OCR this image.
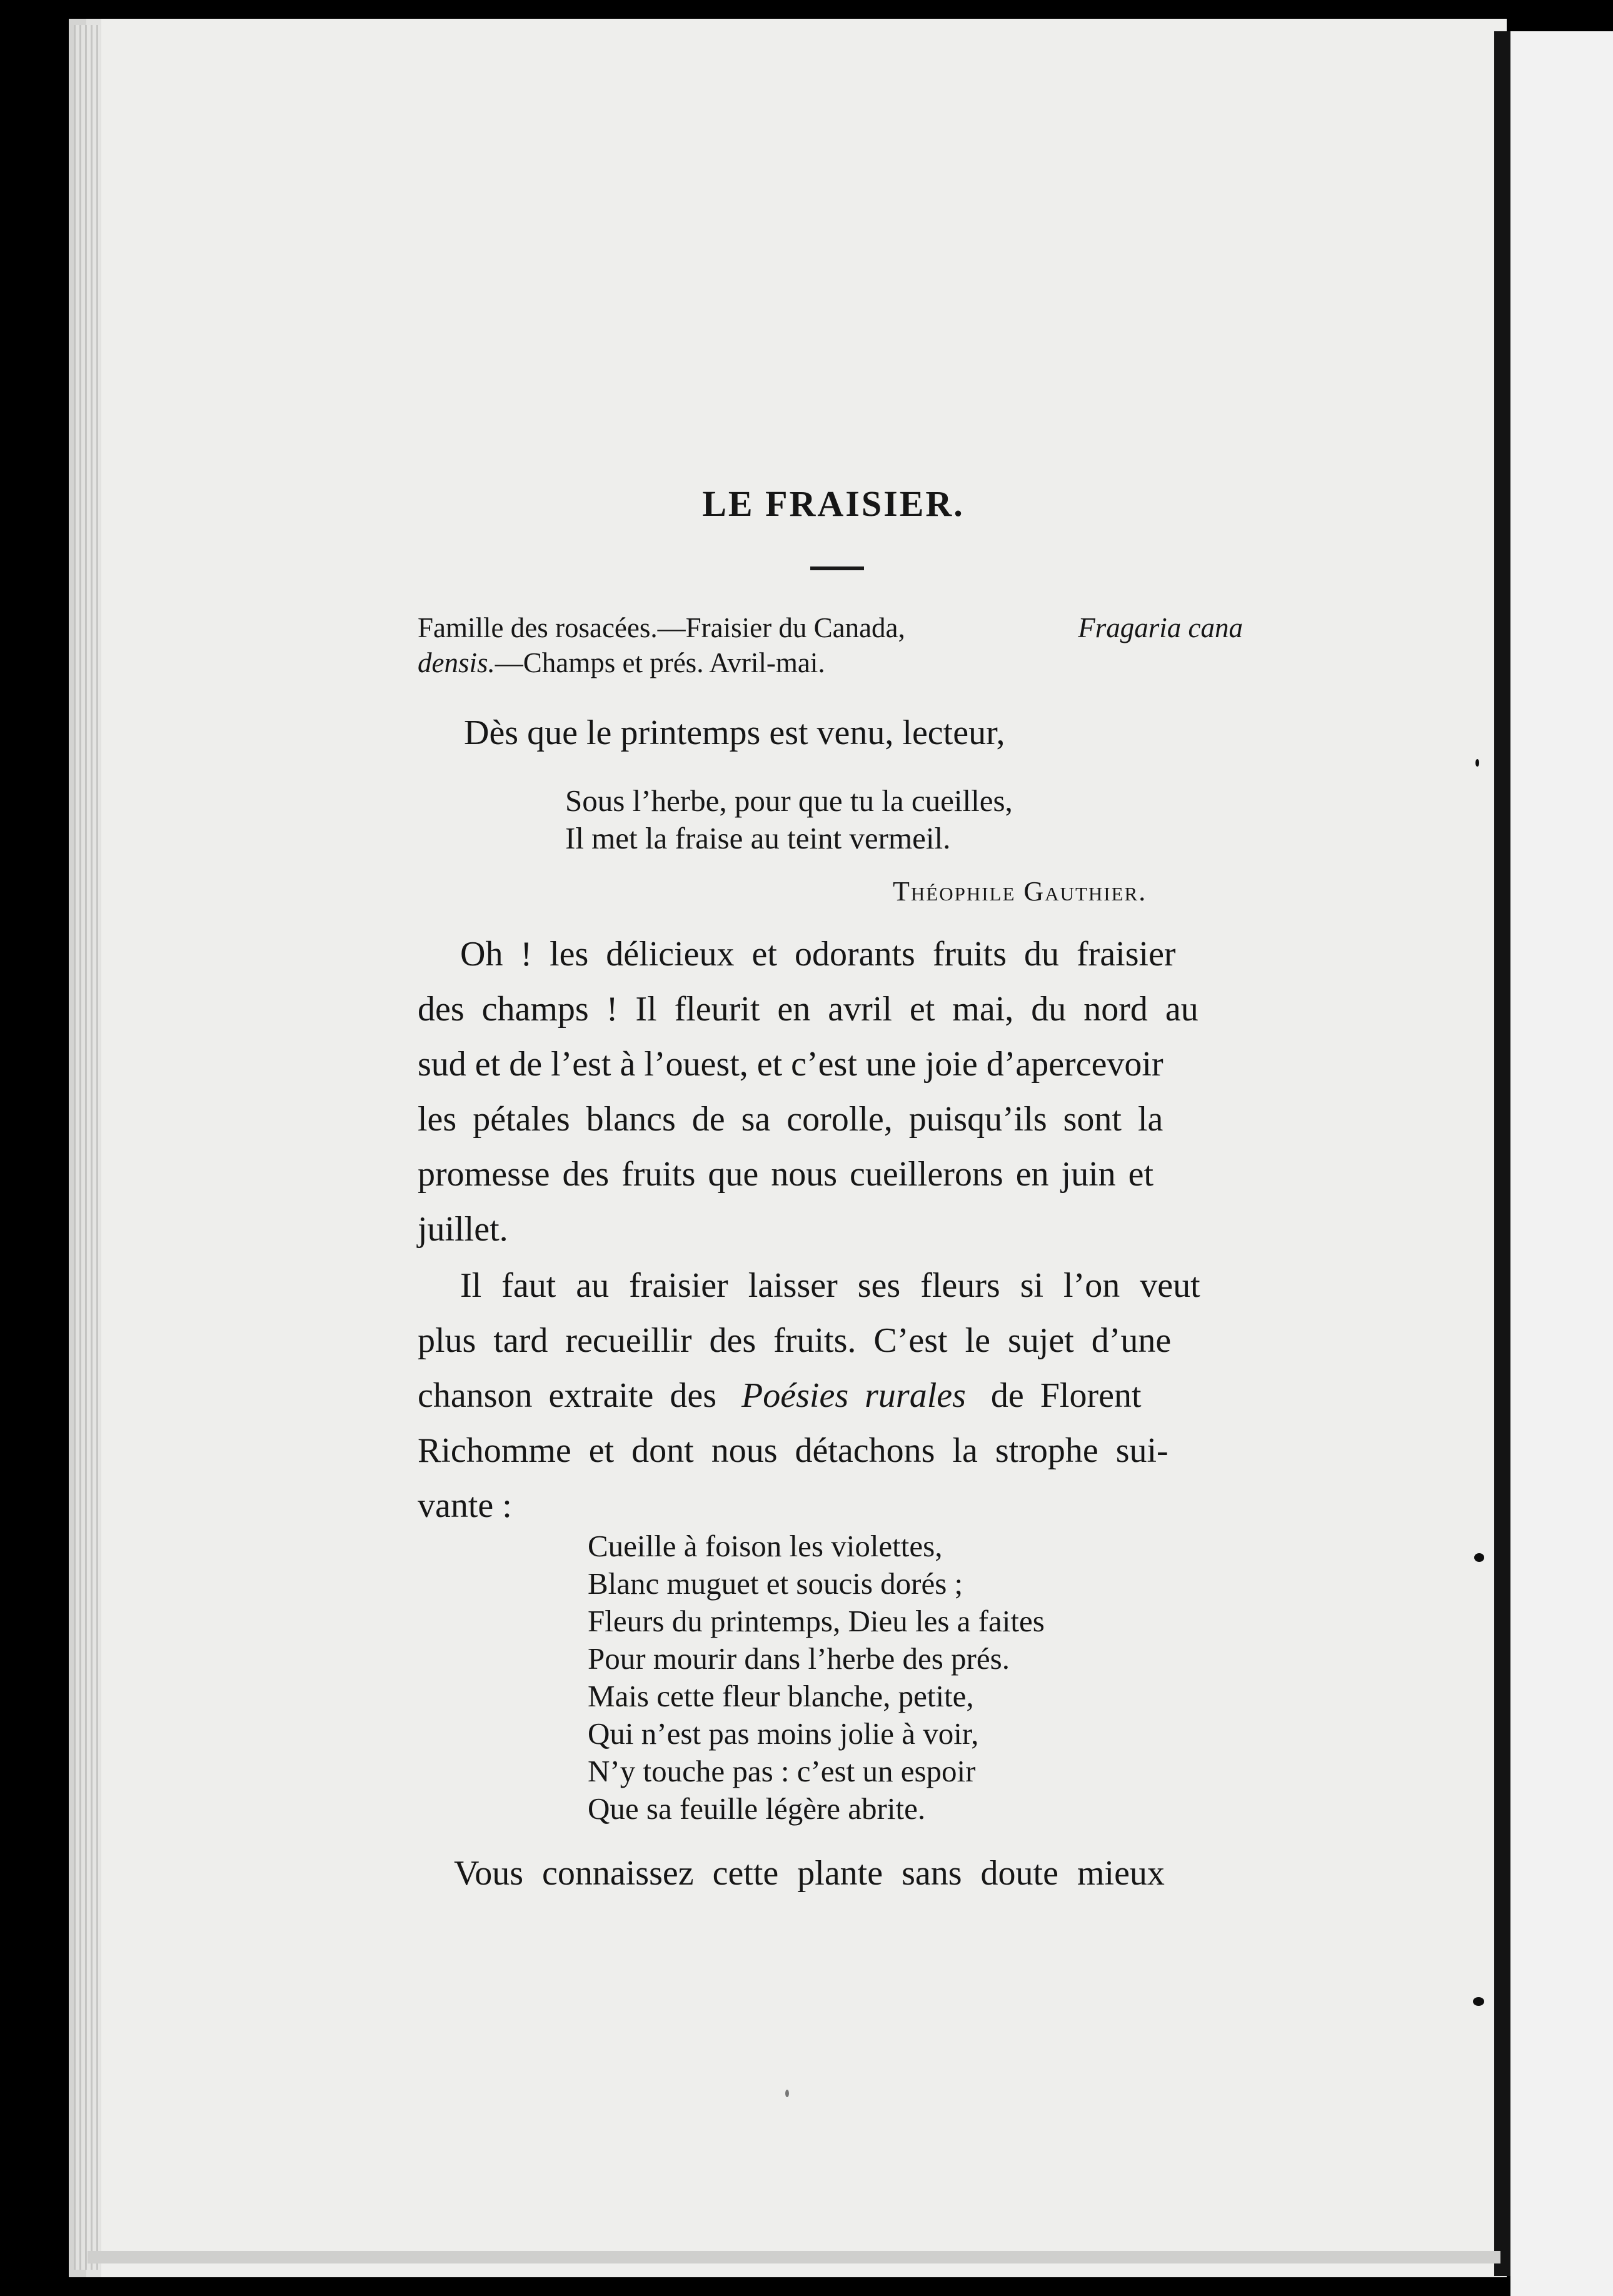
LE FRAISIER.
Famille des rosacées.—Fraisier du Canada,	Fragaria cana
densis.—Champs et prés. Avril-mai.
Dès que le printemps est venu, lecteur,
Sous l’herbe, pour que tu la cueilles,
Il met la fraise au teint vermeil.
Théophile Gauthier.
Oh ! les délicieux et odorants fruits du fraisier
des champs ! Il fleurit en avril et mai, du nord au
sud et de l’est à l’ouest, et c’est une joie d’apercevoir
les pétales blancs de sa corolle, puisqu’ils sont la
promesse des fruits que nous cueillerons en juin et
juillet.
Il faut au fraisier laisser ses fleurs si l’on veut
plus tard recueillir des fruits. C’est le sujet d’une
chanson extraite des Poésies rurales de Florent
Richomme et dont nous détachons la strophe sui-
vante :
Cueille à foison les violettes,
Blanc muguet et soucis dorés ;
Fleurs du printemps, Dieu les a faites
Pour mourir dans l’herbe des prés.
Mais cette fleur blanche, petite,
Qui n’est pas moins jolie à voir,
N’y touche pas : c’est un espoir
Que sa feuille légère abrite.
Vous connaissez cette plante sans doute mieux
